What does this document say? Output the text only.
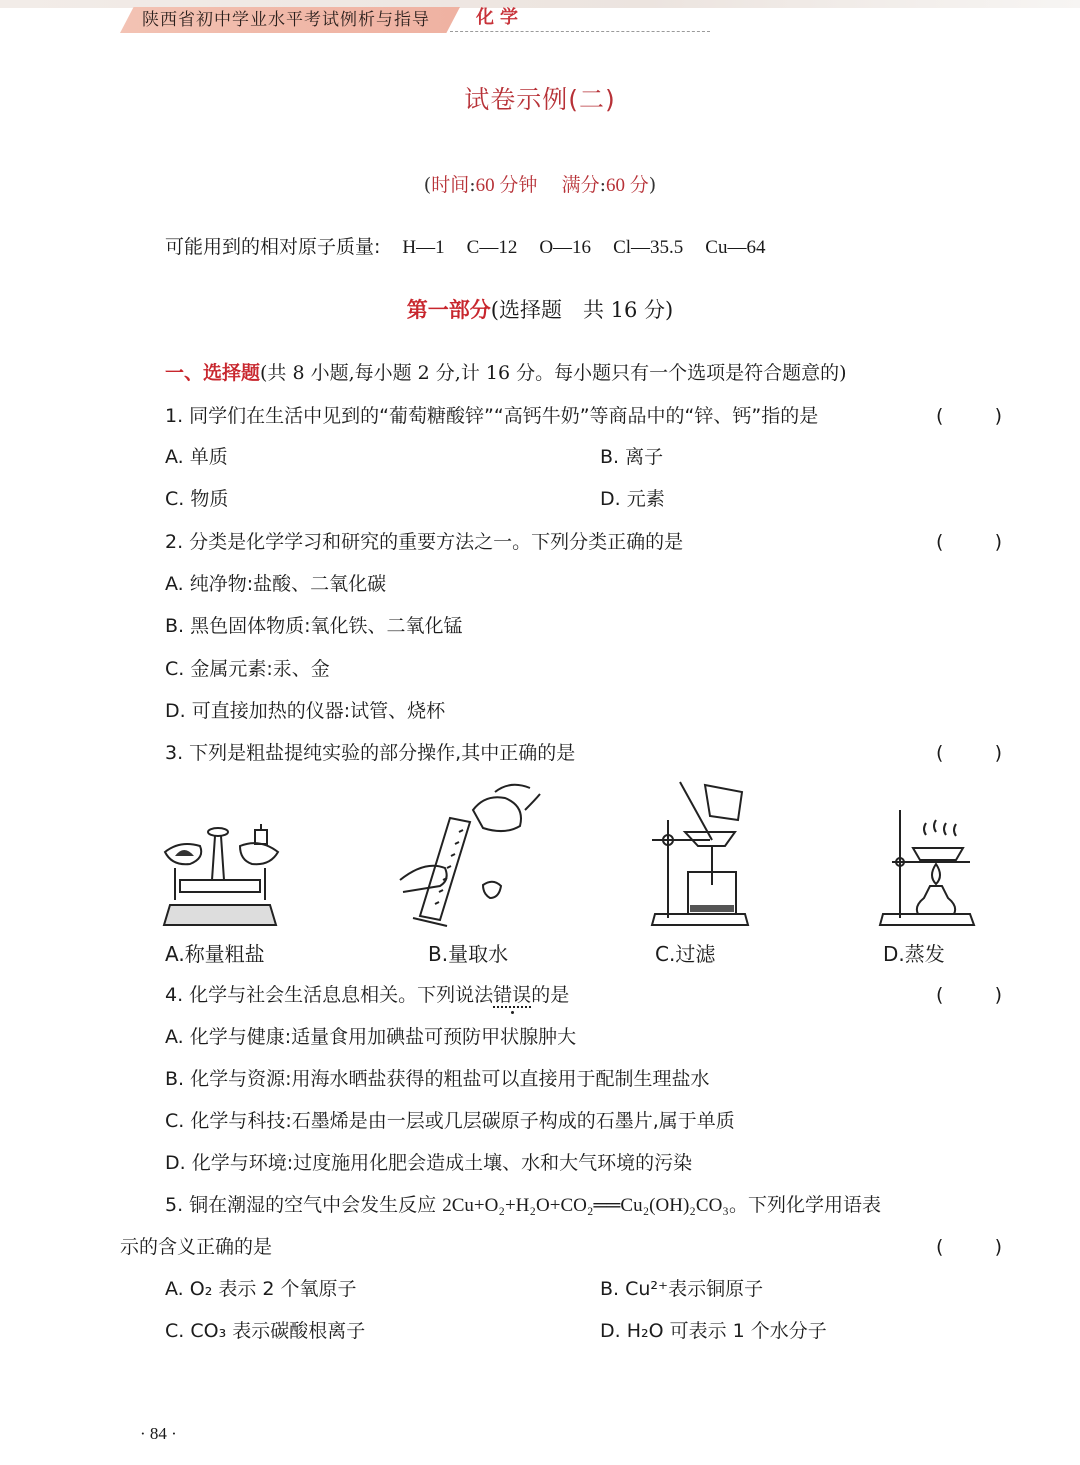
陕西省初中学业水平考试例析与指导	化学
试卷示例(二)
(时间:60 分钟 满分:60 分)
可能用到的相对原子质量: H—1 C—12 O—16 Cl—35.5 Cu—64
第一部分(选择题　共 16 分)
一、选择题(共 8 小题,每小题 2 分,计 16 分。每小题只有一个选项是符合题意的)
1. 同学们在生活中见到的“葡萄糖酸锌”“高钙牛奶”等商品中的“锌、钙”指的是	(	)
A. 单质	B. 离子
C. 物质	D. 元素
2. 分类是化学学习和研究的重要方法之一。下列分类正确的是	(	)
A. 纯净物:盐酸、二氧化碳
B. 黑色固体物质:氧化铁、二氧化锰
C. 金属元素:汞、金
D. 可直接加热的仪器:试管、烧杯
3. 下列是粗盐提纯实验的部分操作,其中正确的是	(	)
A.称量粗盐	B.量取水	C.过滤	D.蒸发
4. 化学与社会生活息息相关。下列说法错误的是	(	)
A. 化学与健康:适量食用加碘盐可预防甲状腺肿大
B. 化学与资源:用海水晒盐获得的粗盐可以直接用于配制生理盐水
C. 化学与科技:石墨烯是由一层或几层碳原子构成的石墨片,属于单质
D. 化学与环境:过度施用化肥会造成土壤、水和大气环境的污染
5. 铜在潮湿的空气中会发生反应 2Cu+O₂+H₂O+CO₂══Cu₂(OH)₂CO₃。下列化学用语表
示的含义正确的是	(	)
A. O₂ 表示 2 个氧原子	B. Cu²⁺表示铜原子
C. CO₃ 表示碳酸根离子	D. H₂O 可表示 1 个水分子
· 84 ·
